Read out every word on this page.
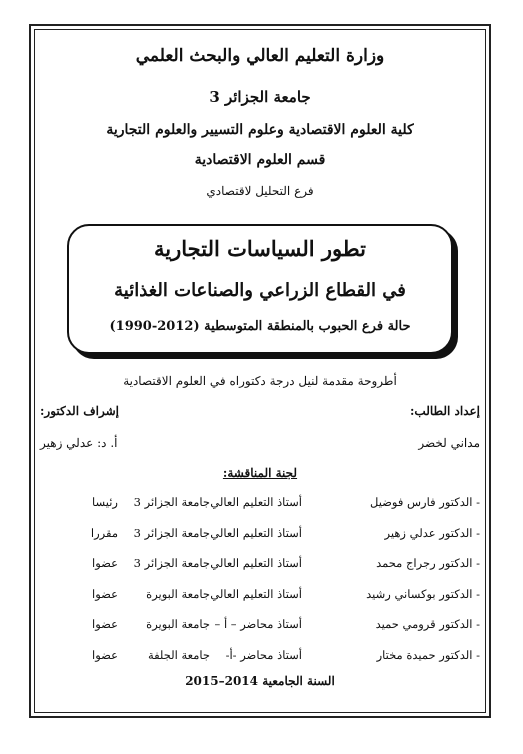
وزارة التعليم العالي والبحث العلمي
جامعة الجزائر 3
كلية العلوم الاقتصادية وعلوم التسيير والعلوم التجارية
قسم العلوم الاقتصادية
فرع التحليل لاقتصادي
تطور السياسات التجارية
في القطاع الزراعي والصناعات الغذائية
حالة فرع الحبوب بالمنطقة المتوسطية (2012-1990)
أطروحة مقدمة لنيل درجة دكتوراه في العلوم الاقتصادية
إعداد الطالب:
إشراف الدكتور:
مداني لخضر
أ. د: عدلي زهير
لجنة المناقشة:
- الدكتور فارس فوضيل
أستاذ التعليم العالي
جامعة الجزائر 3
رئيسا
- الدكتور عدلي زهير
أستاذ التعليم العالي
جامعة الجزائر 3
مقررا
- الدكتور رجراج محمد
أستاذ التعليم العالي
جامعة الجزائر 3
عضوا
- الدكتور بوكساني رشيد
أستاذ التعليم العالي
جامعة البويرة
عضوا
- الدكتور قرومي حميد
أستاذ محاضر – أ –
جامعة البويرة
عضوا
- الدكتور حميدة مختار
أستاذ محاضر -أ-
جامعة الجلفة
عضوا
السنة الجامعية 2014–2015
